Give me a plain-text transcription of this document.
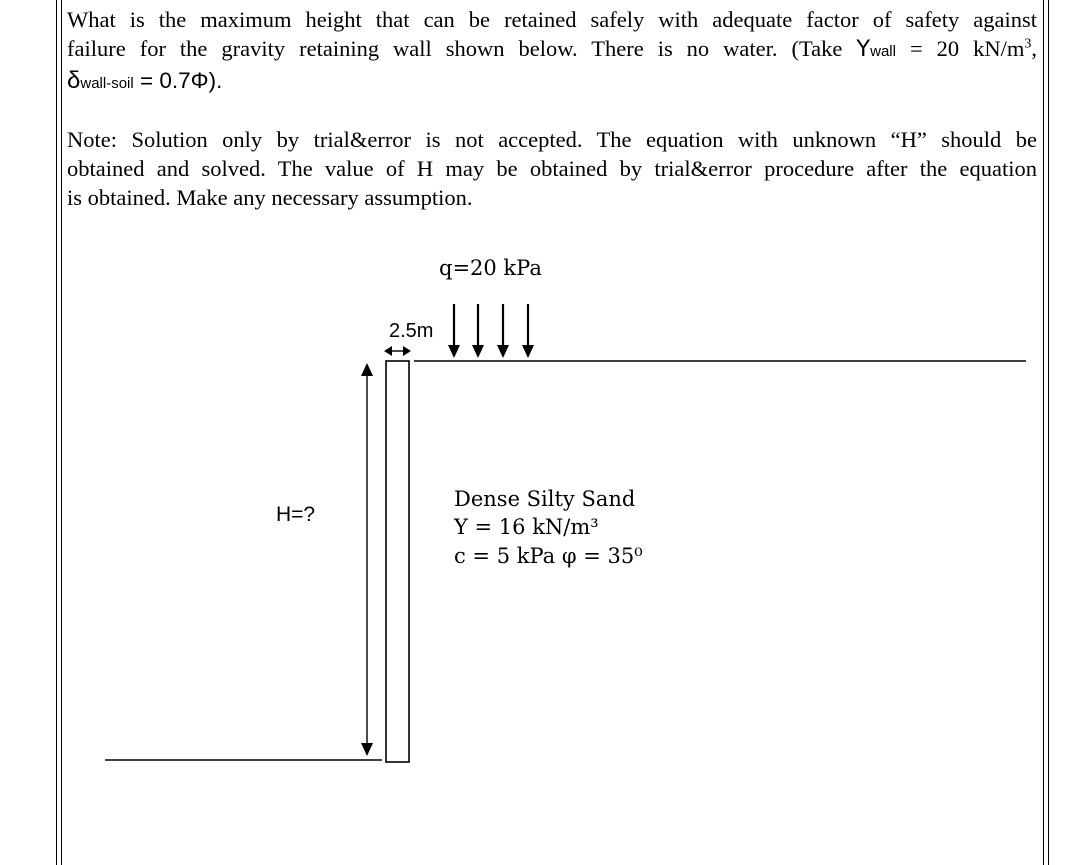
What is the maximum height that can be retained safely with adequate factor of safety against
failure for the gravity retaining wall shown below. There is no water. (Take Ywall = 20 $kN/m^3$,
δwall-soil = 0.7Φ).
Note: Solution only by trial&error is not accepted. The equation with unknown “H” should be
obtained and solved. The value of H may be obtained by trial&error procedure after the equation
is obtained. Make any necessary assumption.
q=20 kPa
2.5m
H=?
Dense Silty Sand
Υ = 16 kN/m³
c = 5 kPa φ = 35⁰
